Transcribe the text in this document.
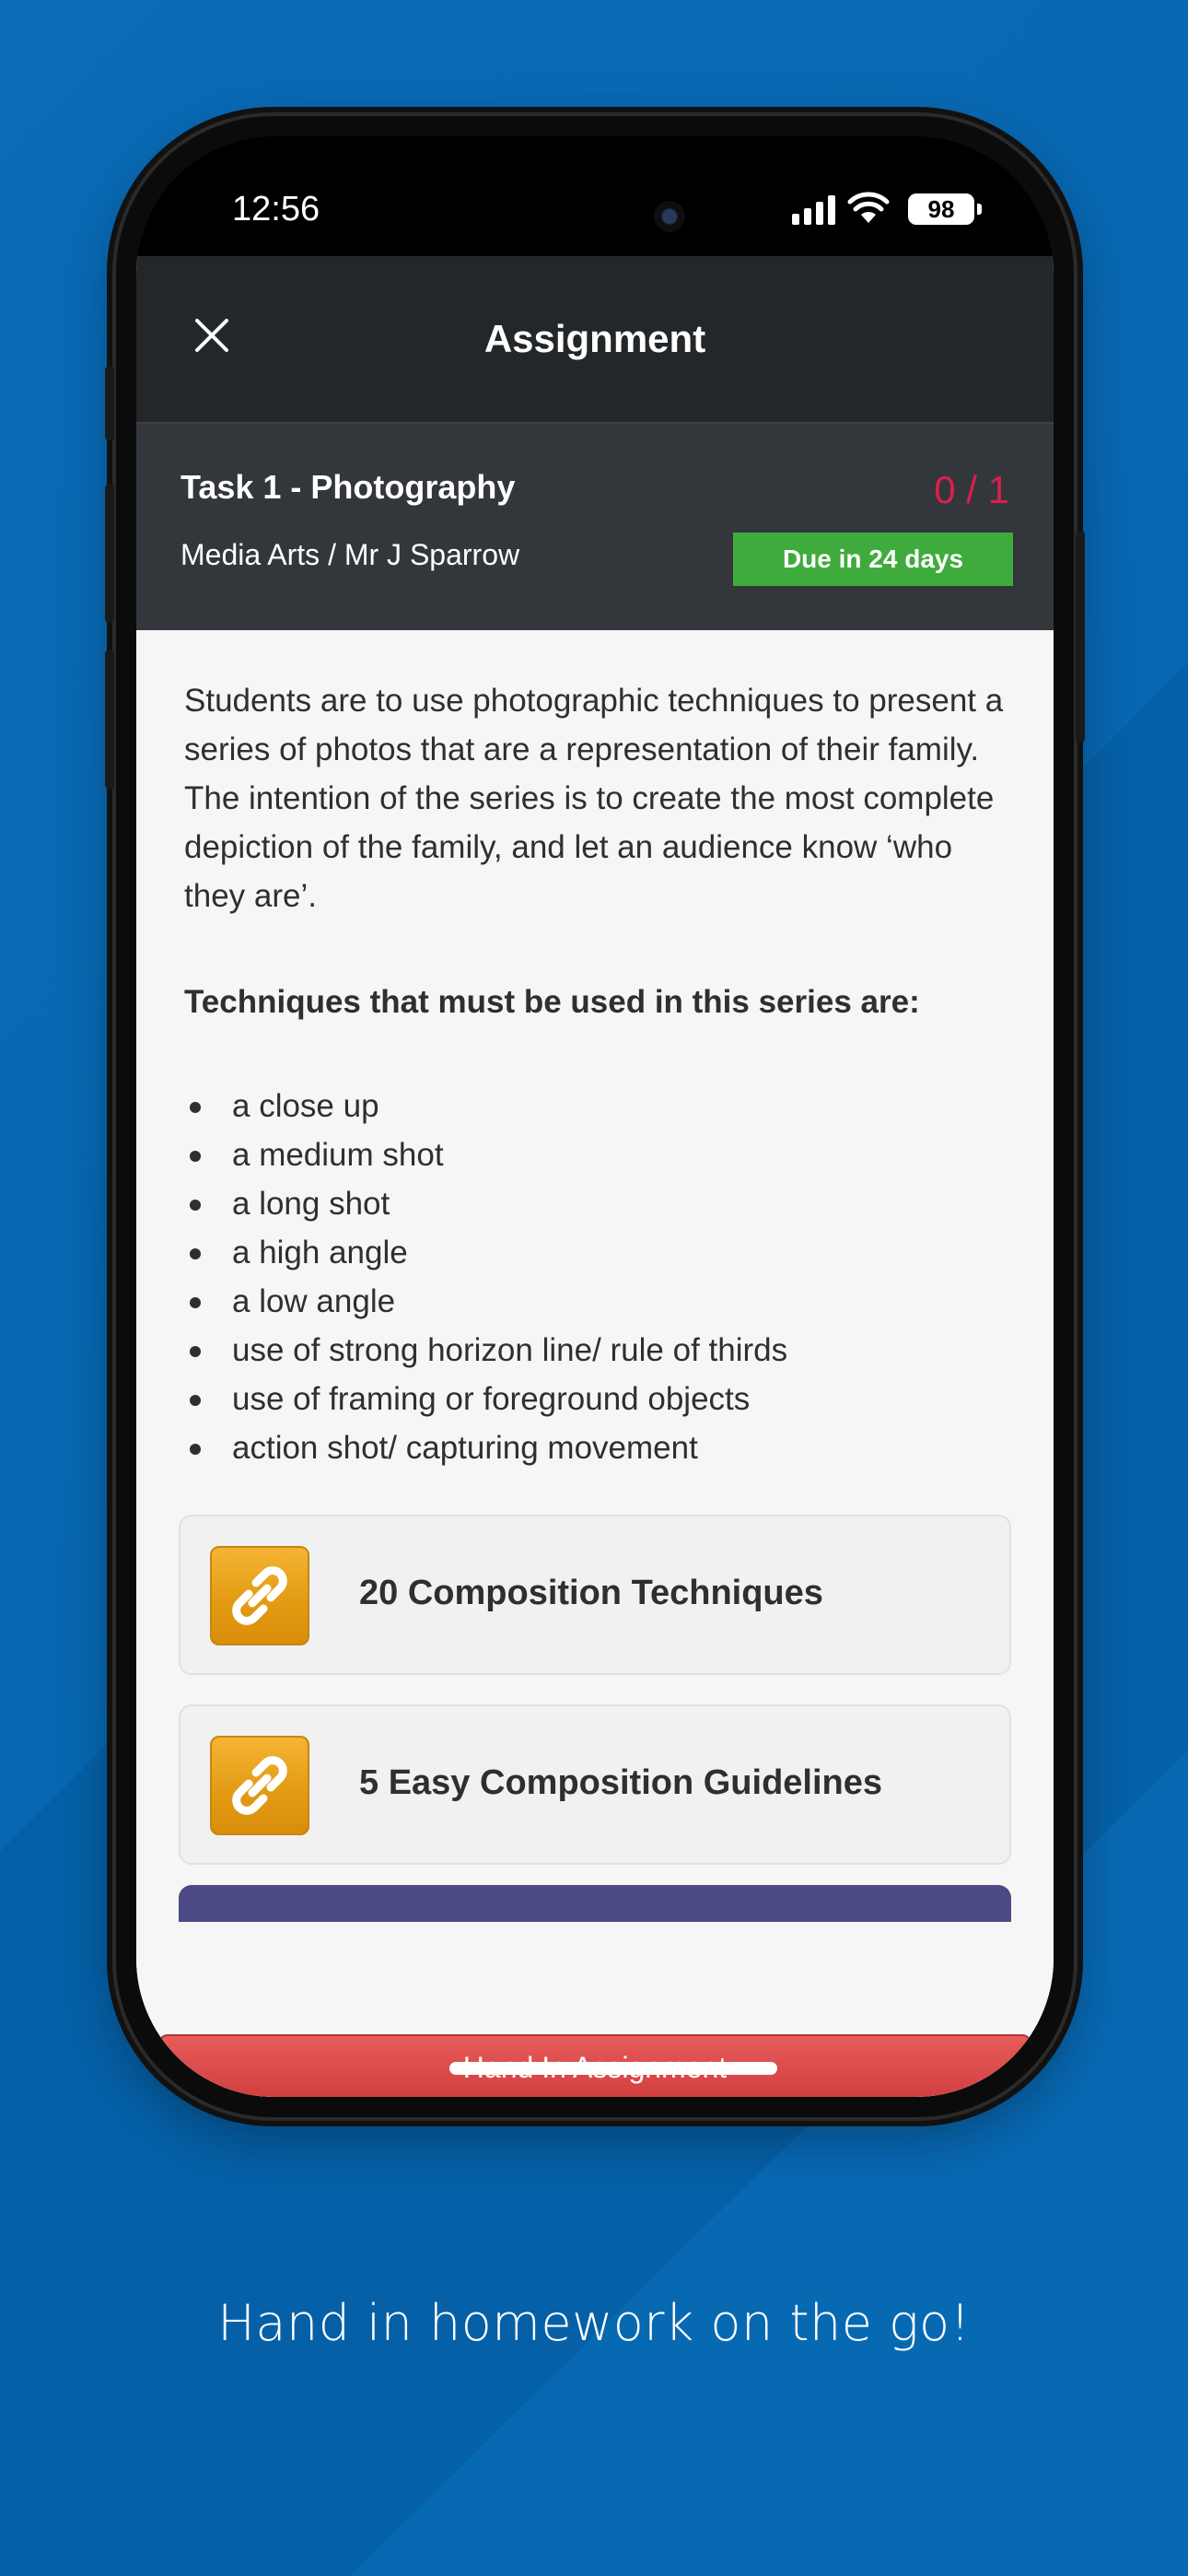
12:56	98
Assignment
Task 1 - Photography	0 / 1
Media Arts / Mr J Sparrow	Due in 24 days

Students are to use photographic techniques to present a series of photos that are a representation of their family. The intention of the series is to create the most complete depiction of the family, and let an audience know ‘who they are’.

Techniques that must be used in this series are:

a close up
a medium shot
a long shot
a high angle
a low angle
use of strong horizon line/ rule of thirds
use of framing or foreground objects
action shot/ capturing movement
20 Composition Techniques
5 Easy Composition Guidelines
Hand in homework on the go!
